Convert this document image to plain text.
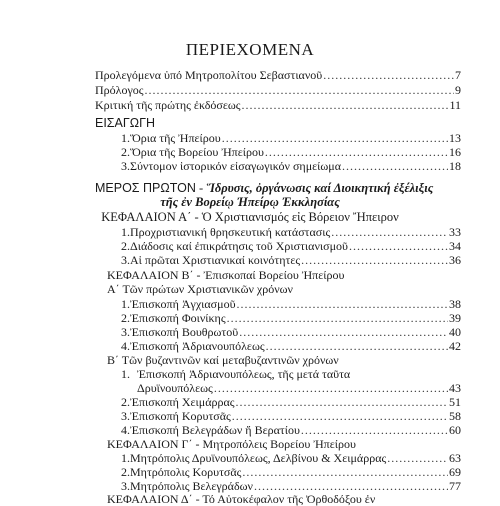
ΠΕΡΙΕΧΟΜΕΝΑ
Προλεγόμενα ὑπό Μητροπολίτου Σεβαστιανοῦ .....	7
Πρόλογος .....	9
Κριτική τῆς πρώτης ἐκδόσεως .....	11
ΕΙΣΑΓΩΓΗ
1. Ὅρια τῆς Ἠπείρου .....	13
2. Ὅρια τῆς Βορείου Ἠπείρου .....	16
3. Σύντομον ἱστορικόν εἰσαγωγικόν σημείωμα .....	18
ΜΕΡΟΣ ΠΡΩΤΟΝ - Ἵδρυσις, ὀργάνωσις καί Διοικητική ἐξέλιξις
τῆς ἐν Βορείῳ Ἠπείρῳ Ἐκκλησίας
ΚΕΦΑΛΑΙΟΝ Α΄ - Ὁ Χριστιανισμός εἰς Βόρειον Ἤπειρον
1. Προχριστιανική θρησκευτική κατάστασις .....	33
2. Διάδοσις καί ἐπικράτησις τοῦ Χριστιανισμοῦ .....	34
3. Αἱ πρῶται Χριστιανικαί κοινότητες .....	36
ΚΕΦΑΛΑΙΟΝ Β΄ - Ἐπισκοπαί Βορείου Ἠπείρου
Α΄ Τῶν πρώτων Χριστιανικῶν χρόνων
1. Ἐπισκοπή Ἀγχιασμοῦ .....	38
2. Ἐπισκοπή Φοινίκης .....	39
3. Ἐπισκοπή Βουθρωτοῦ .....	40
4. Ἐπισκοπή Ἀδριανουπόλεως .....	42
Β΄ Τῶν βυζαντινῶν καί μεταβυζαντινῶν χρόνων
1. Ἐπισκοπή Ἀδριανουπόλεως, τῆς μετά ταῦτα
Δρυϊνουπόλεως .....	43
2. Ἐπισκοπή Χειμάρρας .....	51
3. Ἐπισκοπή Κορυτσᾶς .....	58
4. Ἐπισκοπή Βελεγράδων ἤ Βερατίου .....	60
ΚΕΦΑΛΑΙΟΝ Γ΄ - Μητροπόλεις Βορείου Ἠπείρου
1. Μητρόπολις Δρυϊνουπόλεως, Δελβίνου & Χειμάρρας .....	63
2. Μητρόπολις Κορυτσᾶς .....	69
3. Μητρόπολις Βελεγράδων .....	77
ΚΕΦΑΛΑΙΟΝ Δ΄ - Τό Αὐτοκέφαλον τῆς Ὀρθοδόξου ἐν
